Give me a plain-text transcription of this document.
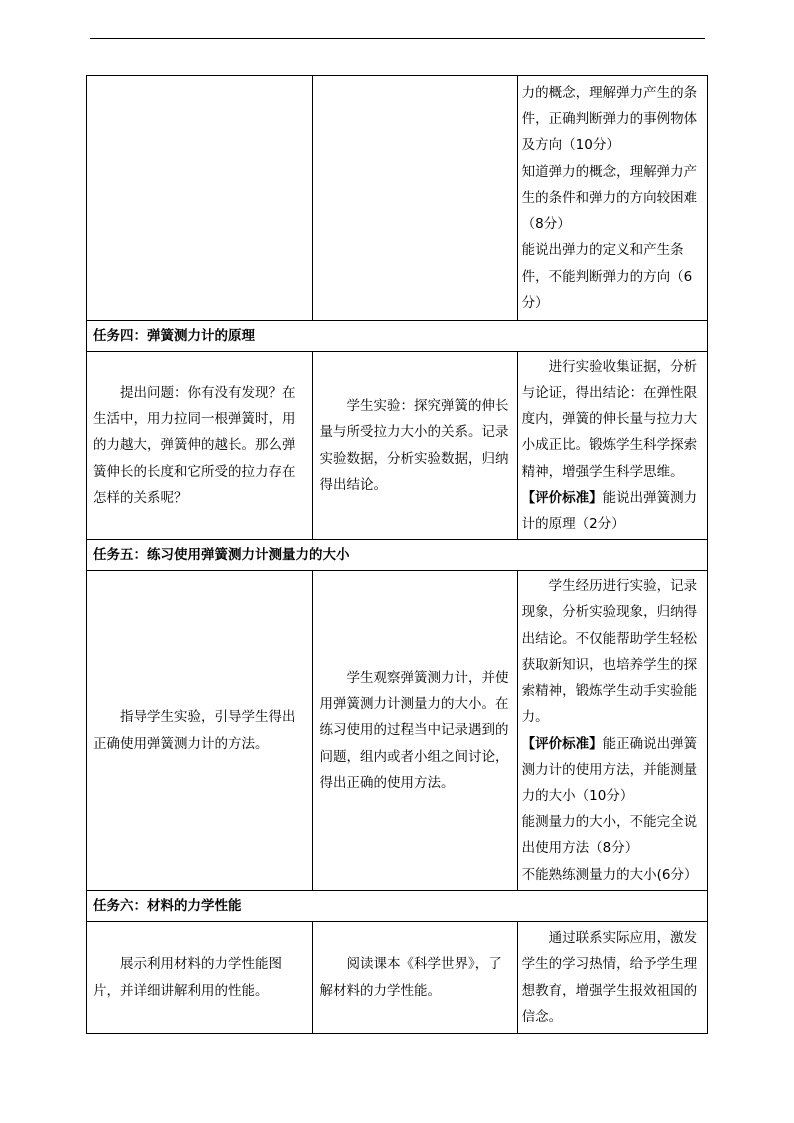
		力的概念，理解弹力产生的条件，正确判断弹力的事例物体及方向（10分）

知道弹力的概念，理解弹力产生的条件和弹力的方向较困难（8分）

能说出弹力的定义和产生条件，不能判断弹力的方向（6分）

任务四：弹簧测力计的原理		

提出问题：你有没有发现？在生活中，用力拉同一根弹簧时，用的力越大，弹簧伸的越长。那么弹簧伸长的长度和它所受的拉力存在怎样的关系呢？	学生实验：探究弹簧的伸长量与所受拉力大小的关系。记录实验数据，分析实验数据，归纳得出结论。	进行实验收集证据，分析与论证，得出结论：在弹性限度内，弹簧的伸长量与拉力大小成正比。锻炼学生科学探索精神，增强学生科学思维。

【评价标准】能说出弹簧测力计的原理（2分）

任务五：练习使用弹簧测力计测量力的大小		

指导学生实验，引导学生得出正确使用弹簧测力计的方法。	学生观察弹簧测力计，并使用弹簧测力计测量力的大小。在练习使用的过程当中记录遇到的问题，组内或者小组之间讨论，得出正确的使用方法。	学生经历进行实验，记录现象，分析实验现象，归纳得出结论。不仅能帮助学生轻松获取新知识，也培养学生的探索精神，锻炼学生动手实验能力。

【评价标准】能正确说出弹簧测力计的使用方法，并能测量力的大小（10分）

能测量力的大小，不能完全说出使用方法（8分）

不能熟练测量力的大小(6分）

任务六：材料的力学性能		

展示利用材料的力学性能图片，并详细讲解利用的性能。	阅读课本《科学世界》，了解材料的力学性能。	通过联系实际应用，激发学生的学习热情，给予学生理想教育，增强学生报效祖国的信念。
